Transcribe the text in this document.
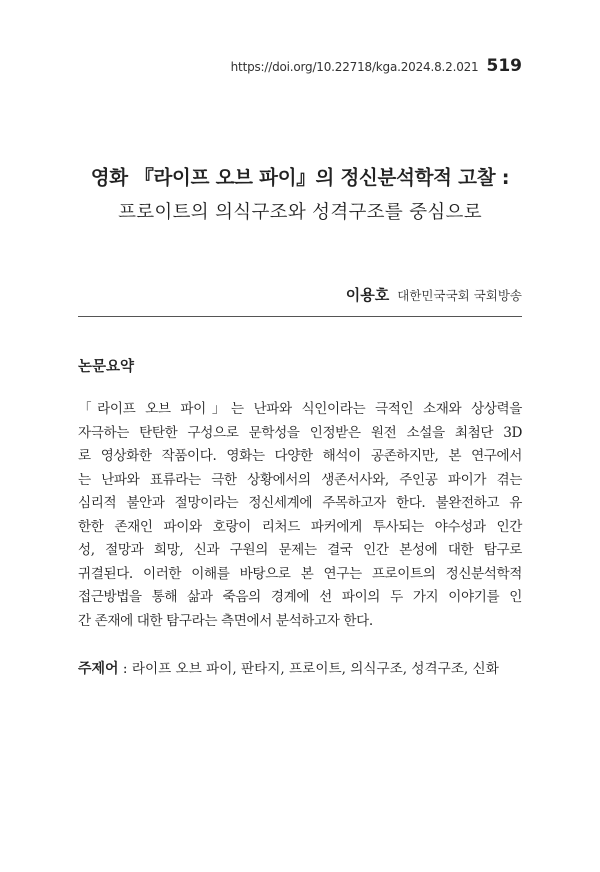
https://doi.org/10.22718/kga.2024.8.2.021 519
영화 『라이프 오브 파이』의 정신분석학적 고찰 :
프로이트의 의식구조와 성격구조를 중심으로
이용호 대한민국국회 국회방송
논문요약
「라이프 오브 파이」는 난파와 식인이라는 극적인 소재와 상상력을
자극하는 탄탄한 구성으로 문학성을 인정받은 원전 소설을 최첨단 3D
로 영상화한 작품이다. 영화는 다양한 해석이 공존하지만, 본 연구에서
는 난파와 표류라는 극한 상황에서의 생존서사와, 주인공 파이가 겪는
심리적 불안과 절망이라는 정신세계에 주목하고자 한다. 불완전하고 유
한한 존재인 파이와 호랑이 리처드 파커에게 투사되는 야수성과 인간
성, 절망과 희망, 신과 구원의 문제는 결국 인간 본성에 대한 탐구로
귀결된다. 이러한 이해를 바탕으로 본 연구는 프로이트의 정신분석학적
접근방법을 통해 삶과 죽음의 경계에 선 파이의 두 가지 이야기를 인
간 존재에 대한 탐구라는 측면에서 분석하고자 한다.
주제어 : 라이프 오브 파이, 판타지, 프로이트, 의식구조, 성격구조, 신화
